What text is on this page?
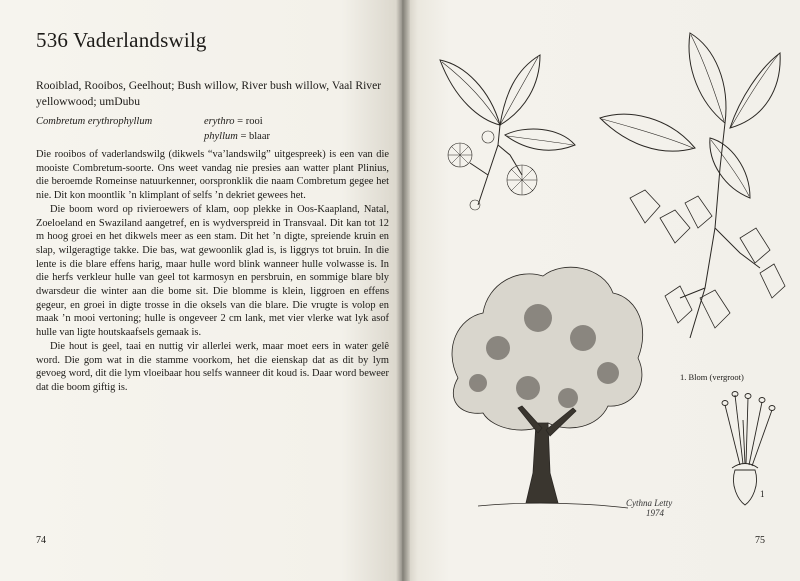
536 Vaderlandswilg
Rooiblad, Rooibos, Geelhout; Bush willow, River bush willow, Vaal River yellowwood; umDubu
Combretum erythrophyllum	erythro = rooi
phyllum = blaar

Die rooibos of vaderlandswilg (dikwels “va’landswilg” uitgespreek) is een van die mooiste Combretum-soorte. Ons weet vandag nie presies aan watter plant Plinius, die beroemde Romeinse natuurkenner, oorspronklik die naam Combretum gegee het nie. Dit kon moontlik ’n klimplant of selfs ’n dekriet gewees het.

Die boom word op rivieroewers of klam, oop plekke in Oos-Kaapland, Natal, Zoeloeland en Swaziland aangetref, en is wydverspreid in Transvaal. Dit kan tot 12 m hoog groei en het dikwels meer as een stam. Dit het ’n digte, spreiende kruin en slap, wilgeragtige takke. Die bas, wat gewoonlik glad is, is liggrys tot bruin. In die lente is die blare effens harig, maar hulle word blink wanneer hulle volwasse is. In die herfs verkleur hulle van geel tot karmosyn en persbruin, en sommige blare bly dwarsdeur die winter aan die bome sit. Die blomme is klein, liggroen en effens gegeur, en groei in digte trosse in die oksels van die blare. Die vrugte is volop en maak ’n mooi vertoning; hulle is ongeveer 2 cm lank, met vier vlerke wat lyk asof hulle van ligte houtskaafsels gemaak is.

Die hout is geel, taai en nuttig vir allerlei werk, maar moet eers in water gelê word. Die gom wat in die stamme voorkom, het die eienskap dat as dit by lym gevoeg word, dit die lym vloeibaar hou selfs wanneer dit koud is. Daar word beweer dat die boom giftig is.

74
1. Blom (vergroot)
1
Cythna Letty
1974
75
